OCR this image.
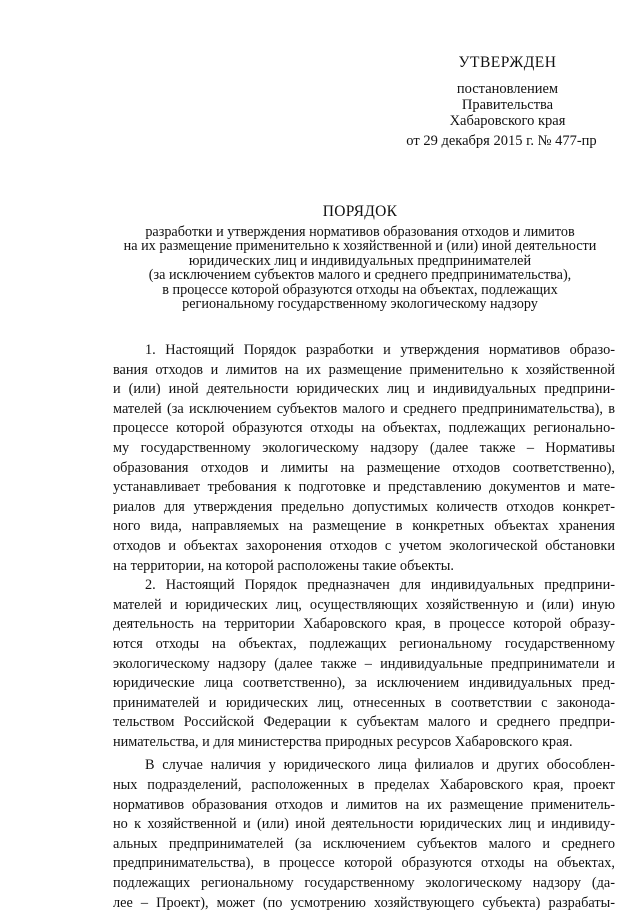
УТВЕРЖДЕН
постановлением
Правительства
Хабаровского края
от 29 декабря 2015 г. № 477-пр
ПОРЯДОК
разработки и утверждения нормативов образования отходов и лимитов
на их размещение применительно к хозяйственной и (или) иной деятельности
юридических лиц и индивидуальных предпринимателей
(за исключением субъектов малого и среднего предпринимательства),
в процессе которой образуются отходы на объектах, подлежащих
региональному государственному экологическому надзору
1. Настоящий Порядок разработки и утверждения нормативов образо-
вания отходов и лимитов на их размещение применительно к хозяйственной
и (или) иной деятельности юридических лиц и индивидуальных предприни-
мателей (за исключением субъектов малого и среднего предпринимательства), в
процессе которой образуются отходы на объектах, подлежащих регионально-
му государственному экологическому надзору (далее также – Нормативы
образования отходов и лимиты на размещение отходов соответственно),
устанавливает требования к подготовке и представлению документов и мате-
риалов для утверждения предельно допустимых количеств отходов конкрет-
ного вида, направляемых на размещение в конкретных объектах хранения
отходов и объектах захоронения отходов с учетом экологической обстановки
на территории, на которой расположены такие объекты.
2. Настоящий Порядок предназначен для индивидуальных предприни-
мателей и юридических лиц, осуществляющих хозяйственную и (или) иную
деятельность на территории Хабаровского края, в процессе которой образу-
ются отходы на объектах, подлежащих региональному государственному
экологическому надзору (далее также – индивидуальные предприниматели и
юридические лица соответственно), за исключением индивидуальных пред-
принимателей и юридических лиц, отнесенных в соответствии с законода-
тельством Российской Федерации к субъектам малого и среднего предпри-
нимательства, и для министерства природных ресурсов Хабаровского края.
В случае наличия у юридического лица филиалов и других обособлен-
ных подразделений, расположенных в пределах Хабаровского края, проект
нормативов образования отходов и лимитов на их размещение применитель-
но к хозяйственной и (или) иной деятельности юридических лиц и индивиду-
альных предпринимателей (за исключением субъектов малого и среднего
предпринимательства), в процессе которой образуются отходы на объектах,
подлежащих региональному государственному экологическому надзору (да-
лее – Проект), может (по усмотрению хозяйствующего субъекта) разрабаты-
